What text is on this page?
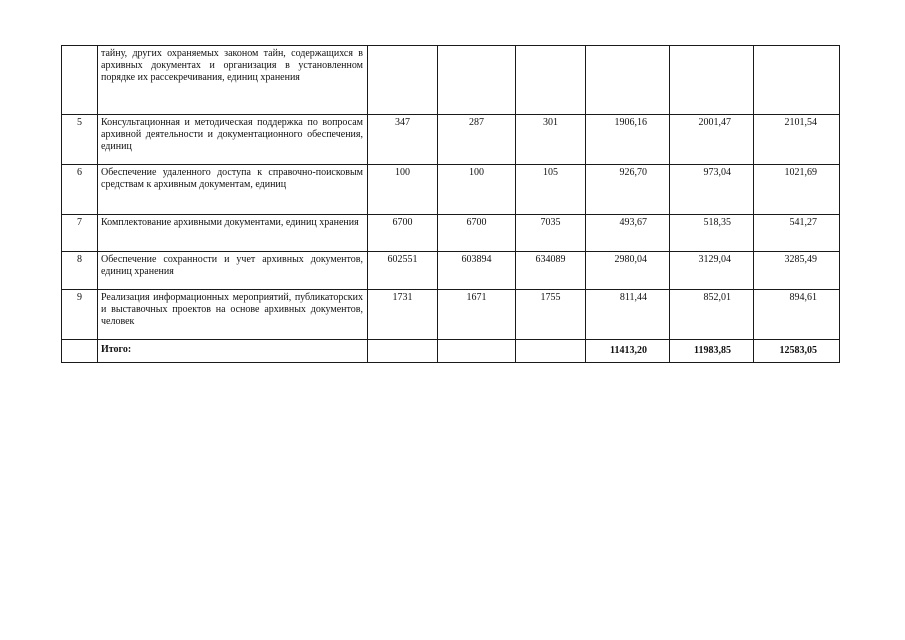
	тайну, других охраняемых законом тайн, содержащихся в архивных документах и организация в установленном порядке их рассекречивания, единиц хранения						

5	Консультационная и методическая поддержка по вопросам архивной деятельности и документационного обеспечения, единиц	347	287	301	1906,16	2001,47	2101,54

6	Обеспечение удаленного доступа к справочно-поисковым средствам к архивным документам, единиц	100	100	105	926,70	973,04	1021,69

7	Комплектование архивными документами, единиц хранения	6700	6700	7035	493,67	518,35	541,27

8	Обеспечение сохранности и учет архивных документов, единиц хранения	602551	603894	634089	2980,04	3129,04	3285,49

9	Реализация информационных мероприятий, публикаторских и выставочных проектов на основе архивных документов, человек	1731	1671	1755	811,44	852,01	894,61

	Итого:				11413,20	11983,85	12583,05
